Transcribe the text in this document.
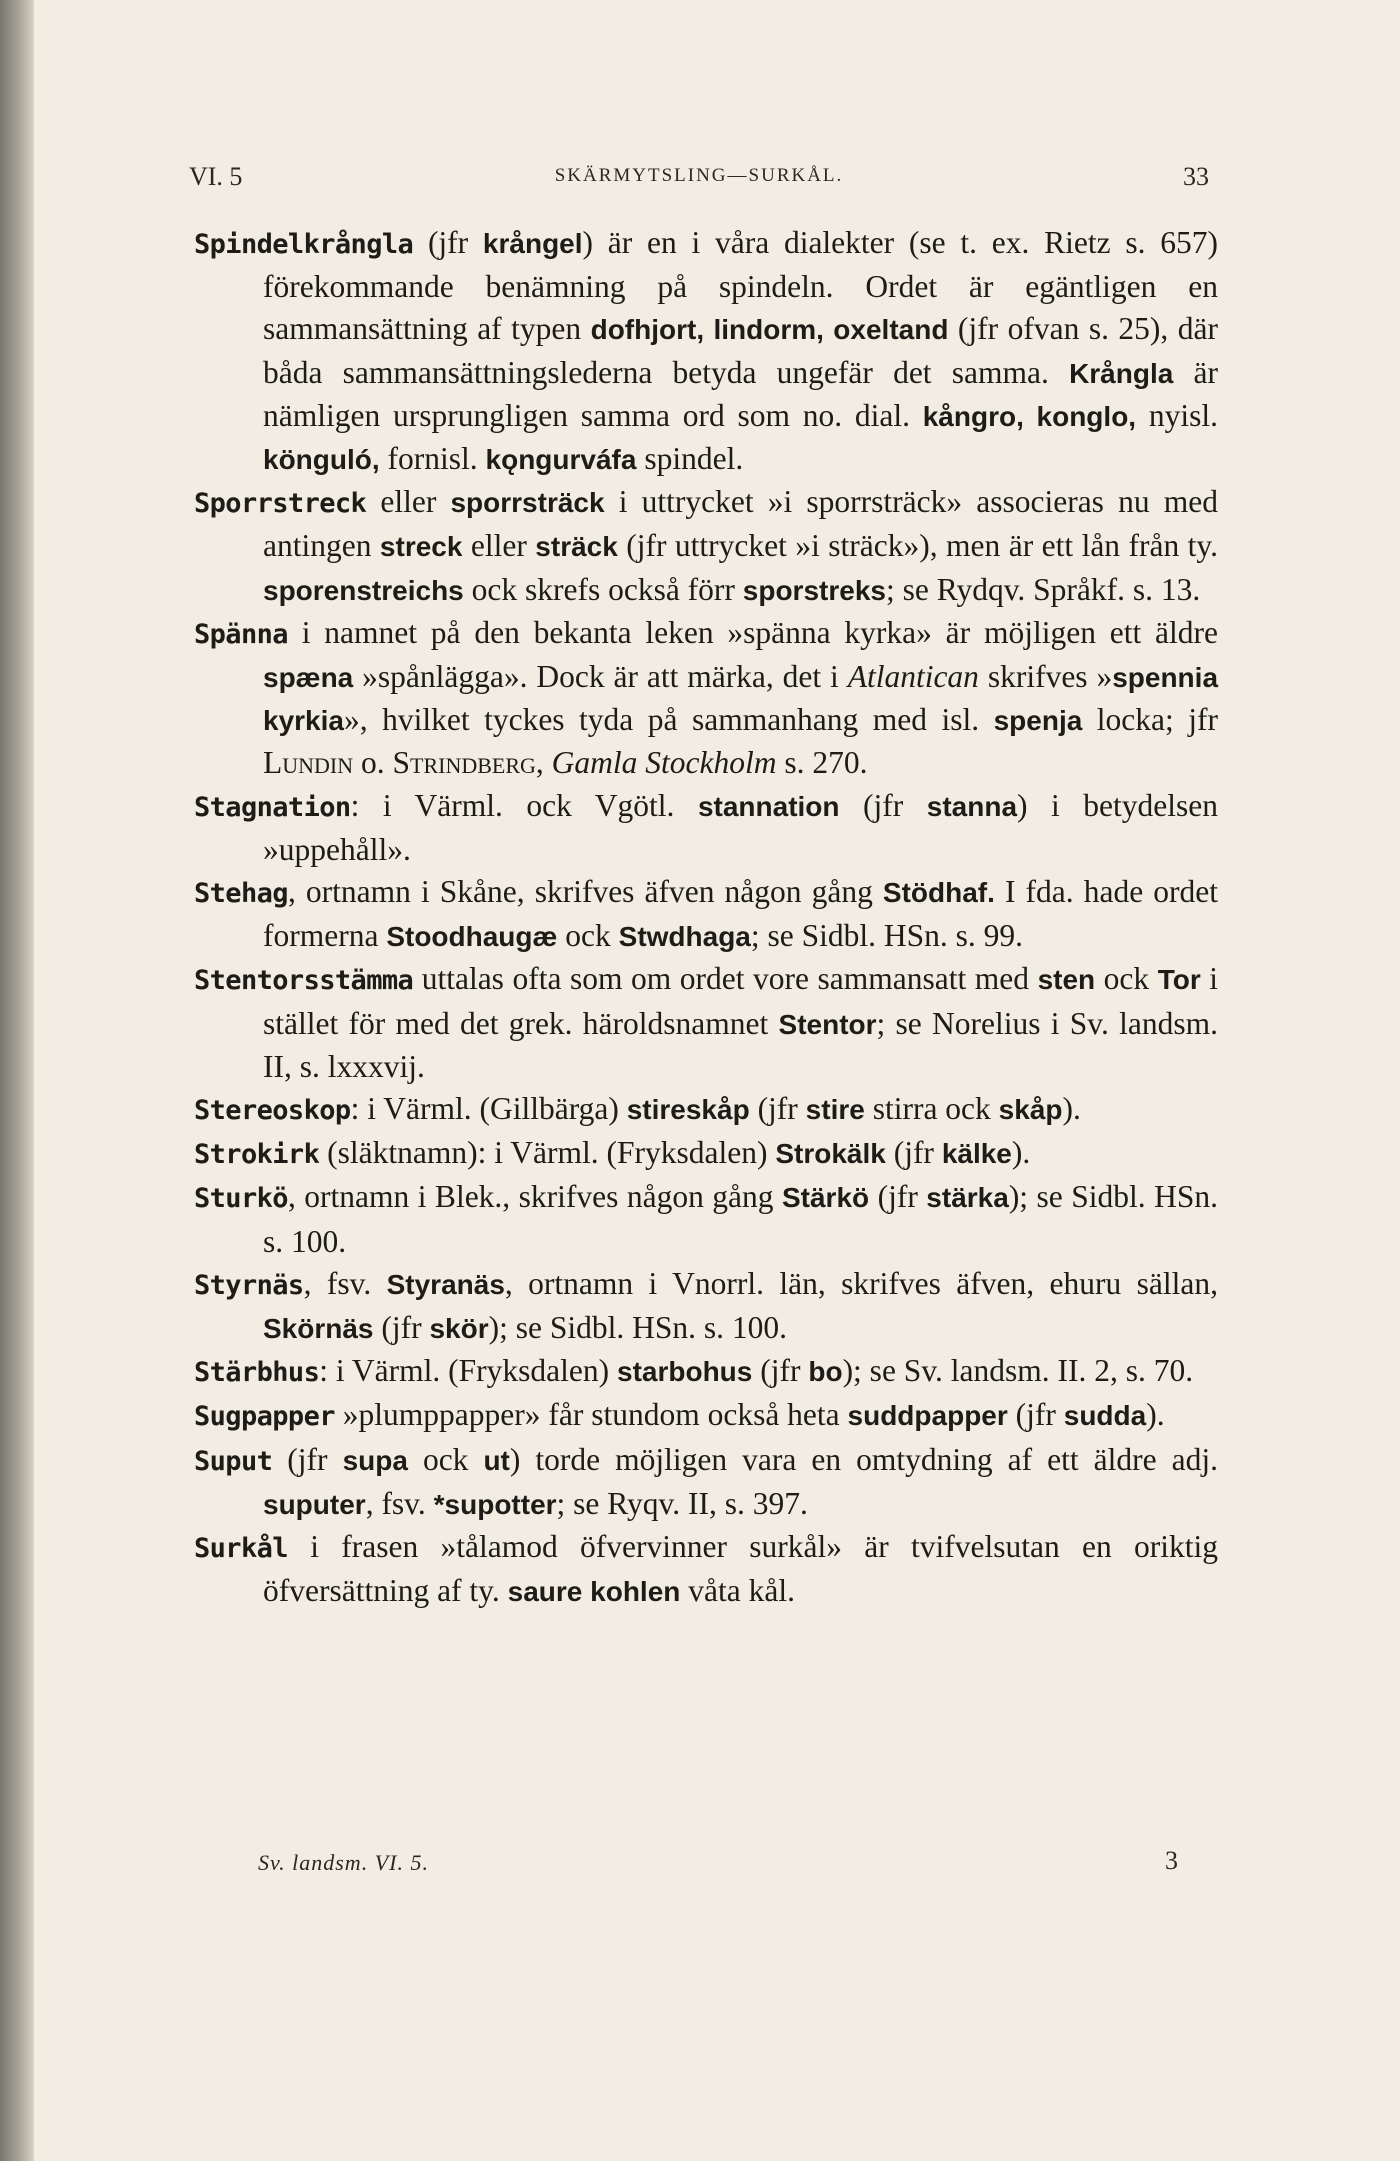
VI. 5	SKÄRMYTSLING—SURKÅL.	33

Spindelkrångla (jfr krångel) är en i våra dialekter (se t. ex. Rietz s. 657) förekommande benämning på spindeln. Ordet är egäntligen en sammansättning af typen dofhjort, lindorm, oxeltand (jfr ofvan s. 25), där båda sammansättningslederna betyda ungefär det samma. Krångla är nämligen ursprungligen samma ord som no. dial. kångro, konglo, nyisl. könguló, fornisl. kǫngurváfa spindel.

Sporrstreck eller sporrsträck i uttrycket »i sporrsträck» associeras nu med antingen streck eller sträck (jfr uttrycket »i sträck»), men är ett lån från ty. sporenstreichs ock skrefs också förr sporstreks; se Rydqv. Språkf. s. 13.

Spänna i namnet på den bekanta leken »spänna kyrka» är möjligen ett äldre spæna »spånlägga». Dock är att märka, det i Atlantican skrifves »spennia kyrkia», hvilket tyckes tyda på sammanhang med isl. spenja locka; jfr Lundin o. Strindberg, Gamla Stockholm s. 270.

Stagnation: i Värml. ock Vgötl. stannation (jfr stanna) i betydelsen »uppehåll».

Stehag, ortnamn i Skåne, skrifves äfven någon gång Stödhaf. I fda. hade ordet formerna Stoodhaugæ ock Stwdhaga; se Sidbl. HSn. s. 99.

Stentorsstämma uttalas ofta som om ordet vore sammansatt med sten ock Tor i stället för med det grek. häroldsnamnet Stentor; se Norelius i Sv. landsm. II, s. lxxxvij.

Stereoskop: i Värml. (Gillbärga) stireskåp (jfr stire stirra ock skåp).

Strokirk (släktnamn): i Värml. (Fryksdalen) Strokälk (jfr kälke).

Sturkö, ortnamn i Blek., skrifves någon gång Stärkö (jfr stärka); se Sidbl. HSn. s. 100.

Styrnäs, fsv. Styranäs, ortnamn i Vnorrl. län, skrifves äfven, ehuru sällan, Skörnäs (jfr skör); se Sidbl. HSn. s. 100.

Stärbhus: i Värml. (Fryksdalen) starbohus (jfr bo); se Sv. landsm. II. 2, s. 70.

Sugpapper »plumppapper» får stundom också heta suddpapper (jfr sudda).

Suput (jfr supa ock ut) torde möjligen vara en omtydning af ett äldre adj. suputer, fsv. *supotter; se Ryqv. II, s. 397.

Surkål i frasen »tålamod öfvervinner surkål» är tvifvelsutan en oriktig öfversättning af ty. saure kohlen våta kål.

Sv. landsm. VI. 5.	3
